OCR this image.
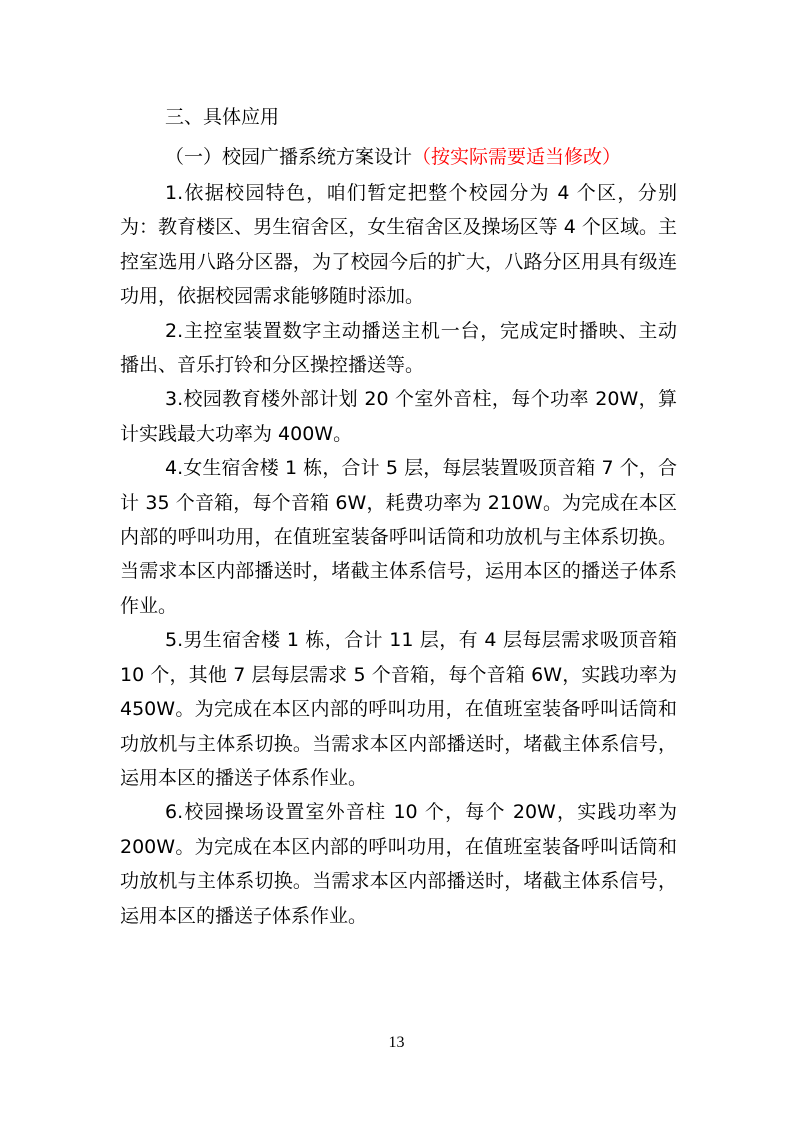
三、具体应用
（一）校园广播系统方案设计（按实际需要适当修改）

1.依据校园特色，咱们暂定把整个校园分为 4 个区，分别为：教育楼区、男生宿舍区，女生宿舍区及操场区等 4 个区域。主控室选用八路分区器，为了校园今后的扩大，八路分区用具有级连功用，依据校园需求能够随时添加。

2.主控室装置数字主动播送主机一台，完成定时播映、主动播出、音乐打铃和分区操控播送等。

3.校园教育楼外部计划 20 个室外音柱，每个功率 20W，算计实践最大功率为 400W。

4.女生宿舍楼 1 栋，合计 5 层，每层装置吸顶音箱 7 个，合计 35 个音箱，每个音箱 6W，耗费功率为 210W。为完成在本区内部的呼叫功用，在值班室装备呼叫话筒和功放机与主体系切换。当需求本区内部播送时，堵截主体系信号，运用本区的播送子体系作业。

5.男生宿舍楼 1 栋，合计 11 层，有 4 层每层需求吸顶音箱 10 个，其他 7 层每层需求 5 个音箱，每个音箱 6W，实践功率为 450W。为完成在本区内部的呼叫功用，在值班室装备呼叫话筒和功放机与主体系切换。当需求本区内部播送时，堵截主体系信号，运用本区的播送子体系作业。

6.校园操场设置室外音柱 10 个，每个 20W，实践功率为 200W。为完成在本区内部的呼叫功用，在值班室装备呼叫话筒和功放机与主体系切换。当需求本区内部播送时，堵截主体系信号，运用本区的播送子体系作业。

13
